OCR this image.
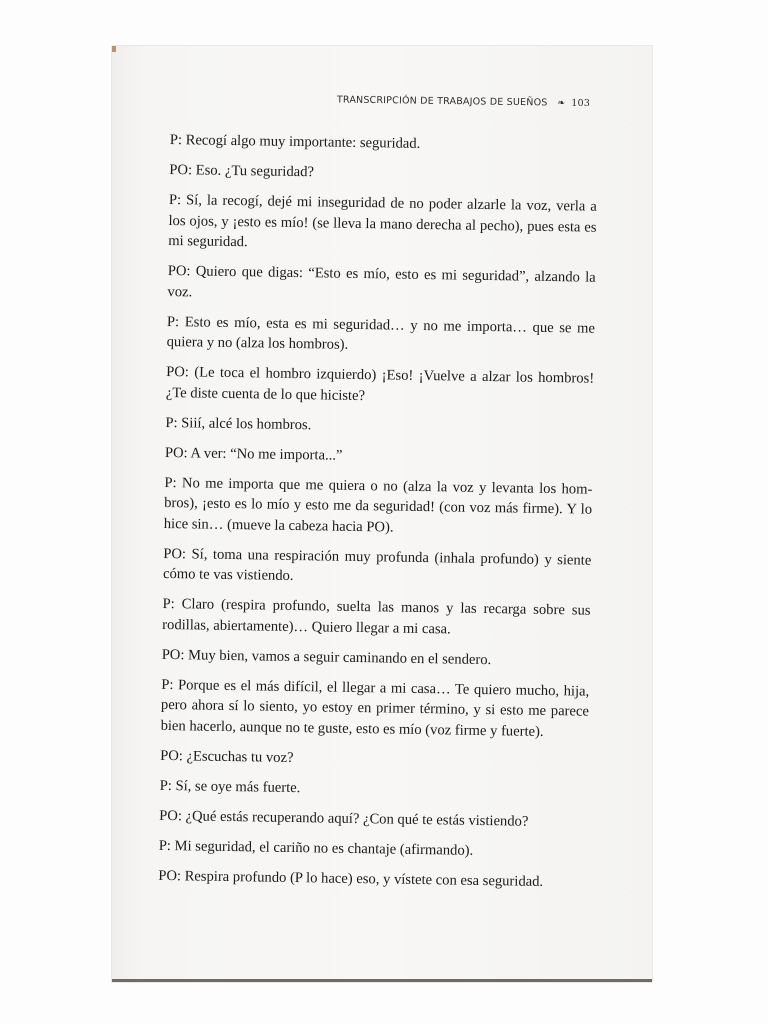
TRANSCRIPCIÓN DE TRABAJOS DE SUEÑOS ❧ 103

P: Recogí algo muy importante: seguridad.

PO: Eso. ¿Tu seguridad?

P: Sí, la recogí, dejé mi inseguridad de no poder alzarle la voz, verla a los ojos, y ¡esto es mío! (se lleva la mano derecha al pecho), pues esta es mi seguridad.

PO: Quiero que digas: “Esto es mío, esto es mi seguridad”, alzando la voz.

P: Esto es mío, esta es mi seguridad… y no me importa… que se me quiera y no (alza los hombros).

PO: (Le toca el hombro izquierdo) ¡Eso! ¡Vuelve a alzar los hombros! ¿Te diste cuenta de lo que hiciste?

P: Siií, alcé los hombros.

PO: A ver: “No me importa...”

P: No me importa que me quiera o no (alza la voz y levanta los hombros), ¡esto es lo mío y esto me da seguridad! (con voz más firme). Y lo hice sin… (mueve la cabeza hacia PO).

PO: Sí, toma una respiración muy profunda (inhala profundo) y siente cómo te vas vistiendo.

P: Claro (respira profundo, suelta las manos y las recarga sobre sus rodillas, abiertamente)… Quiero llegar a mi casa.

PO: Muy bien, vamos a seguir caminando en el sendero.

P: Porque es el más difícil, el llegar a mi casa… Te quiero mucho, hija, pero ahora sí lo siento, yo estoy en primer término, y si esto me parece bien hacerlo, aunque no te guste, esto es mío (voz firme y fuerte).

PO: ¿Escuchas tu voz?

P: Sí, se oye más fuerte.

PO: ¿Qué estás recuperando aquí? ¿Con qué te estás vistiendo?

P: Mi seguridad, el cariño no es chantaje (afirmando).

PO: Respira profundo (P lo hace) eso, y vístete con esa seguridad.
